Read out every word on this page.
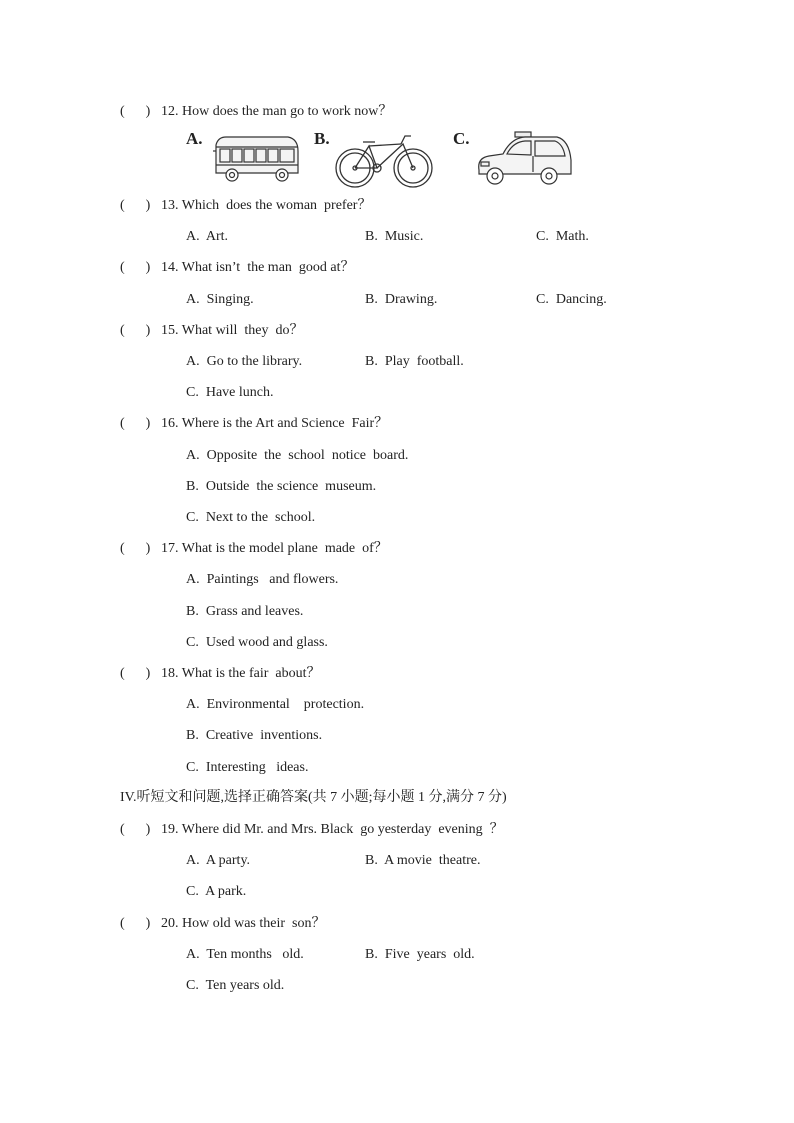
(      ) 12. How does the man go to work now？
A.	B.	C.
(      ) 13. Which  does the woman  prefer？
A.  Art.	B.  Music.	C.  Math.
(      ) 14. What isn’t  the man  good at？
A.  Singing.	B.  Drawing.	C.  Dancing.
(      ) 15. What will  they  do？
A.  Go to the library.	B.  Play  football.
C.  Have lunch.
(      ) 16. Where is the Art and Science  Fair？
A.  Opposite  the  school  notice  board.
B.  Outside  the science  museum.
C.  Next to the  school.
(      ) 17. What is the model plane  made  of？
A.  Paintings   and flowers.
B.  Grass and leaves.
C.  Used wood and glass.
(      ) 18. What is the fair  about？
A.  Environmental    protection.
B.  Creative  inventions.
C.  Interesting   ideas.
IV.听短文和问题,选择正确答案(共 7 小题;每小题 1 分,满分 7 分)
(      ) 19. Where did Mr. and Mrs. Black  go yesterday  evening  ？
A.  A party.	B.  A movie  theatre.
C.  A park.
(      ) 20. How old was their  son？
A.  Ten months   old.	B.  Five  years  old.
C.  Ten years old.
